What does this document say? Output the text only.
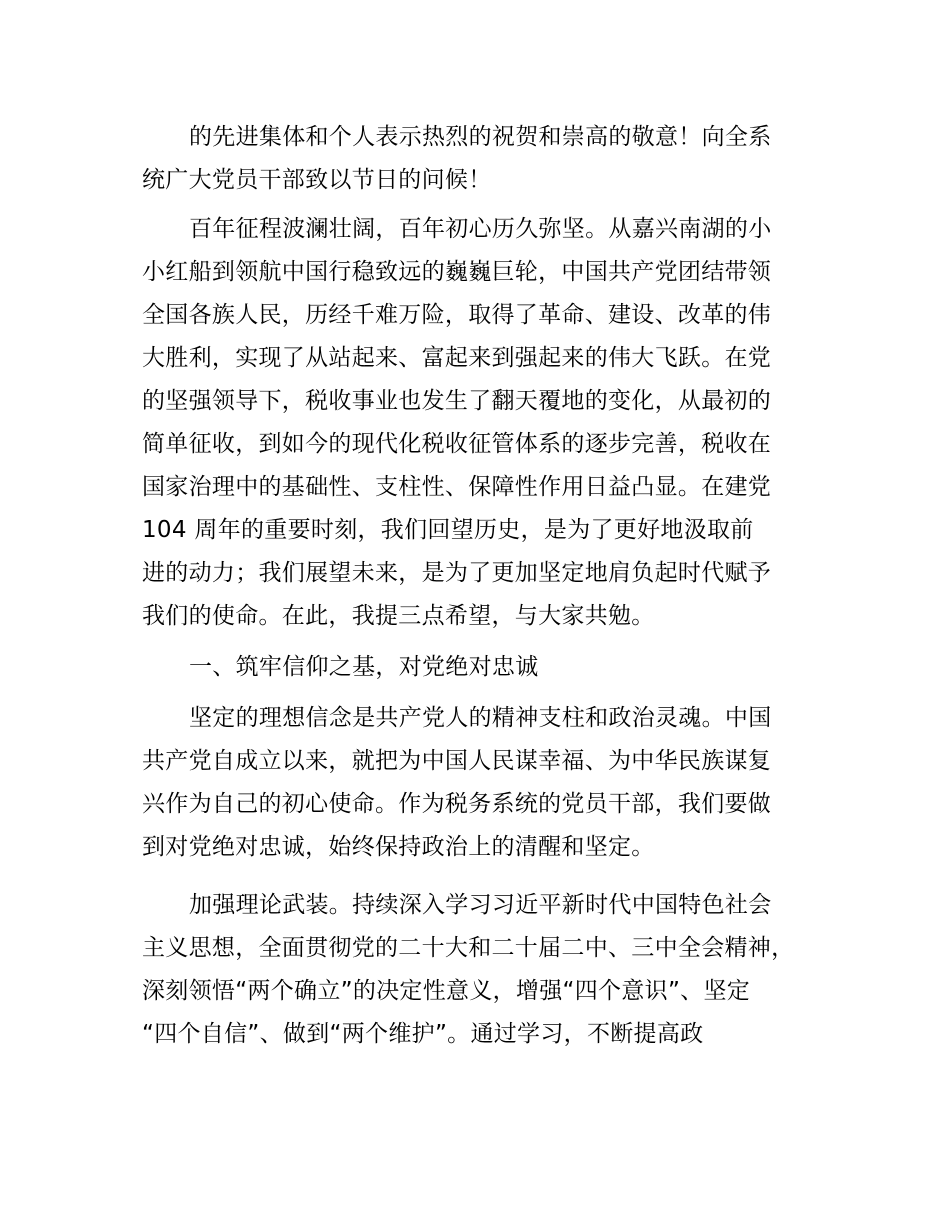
的先进集体和个人表示热烈的祝贺和崇高的敬意！向全系
统广大党员干部致以节日的问候！
百年征程波澜壮阔，百年初心历久弥坚。从嘉兴南湖的小
小红船到领航中国行稳致远的巍巍巨轮，中国共产党团结带领
全国各族人民，历经千难万险，取得了革命、建设、改革的伟
大胜利，实现了从站起来、富起来到强起来的伟大飞跃。在党
的坚强领导下，税收事业也发生了翻天覆地的变化，从最初的
简单征收，到如今的现代化税收征管体系的逐步完善，税收在
国家治理中的基础性、支柱性、保障性作用日益凸显。在建党
104 周年的重要时刻，我们回望历史，是为了更好地汲取前
进的动力；我们展望未来，是为了更加坚定地肩负起时代赋予
我们的使命。在此，我提三点希望，与大家共勉。
一、筑牢信仰之基，对党绝对忠诚
坚定的理想信念是共产党人的精神支柱和政治灵魂。中国
共产党自成立以来，就把为中国人民谋幸福、为中华民族谋复
兴作为自己的初心使命。作为税务系统的党员干部，我们要做
到对党绝对忠诚，始终保持政治上的清醒和坚定。
加强理论武装。持续深入学习习近平新时代中国特色社会
主义思想，全面贯彻党的二十大和二十届二中、三中全会精神，
深刻领悟“两个确立”的决定性意义，增强“四个意识”、坚定
“四个自信”、做到“两个维护”。通过学习，不断提高政
